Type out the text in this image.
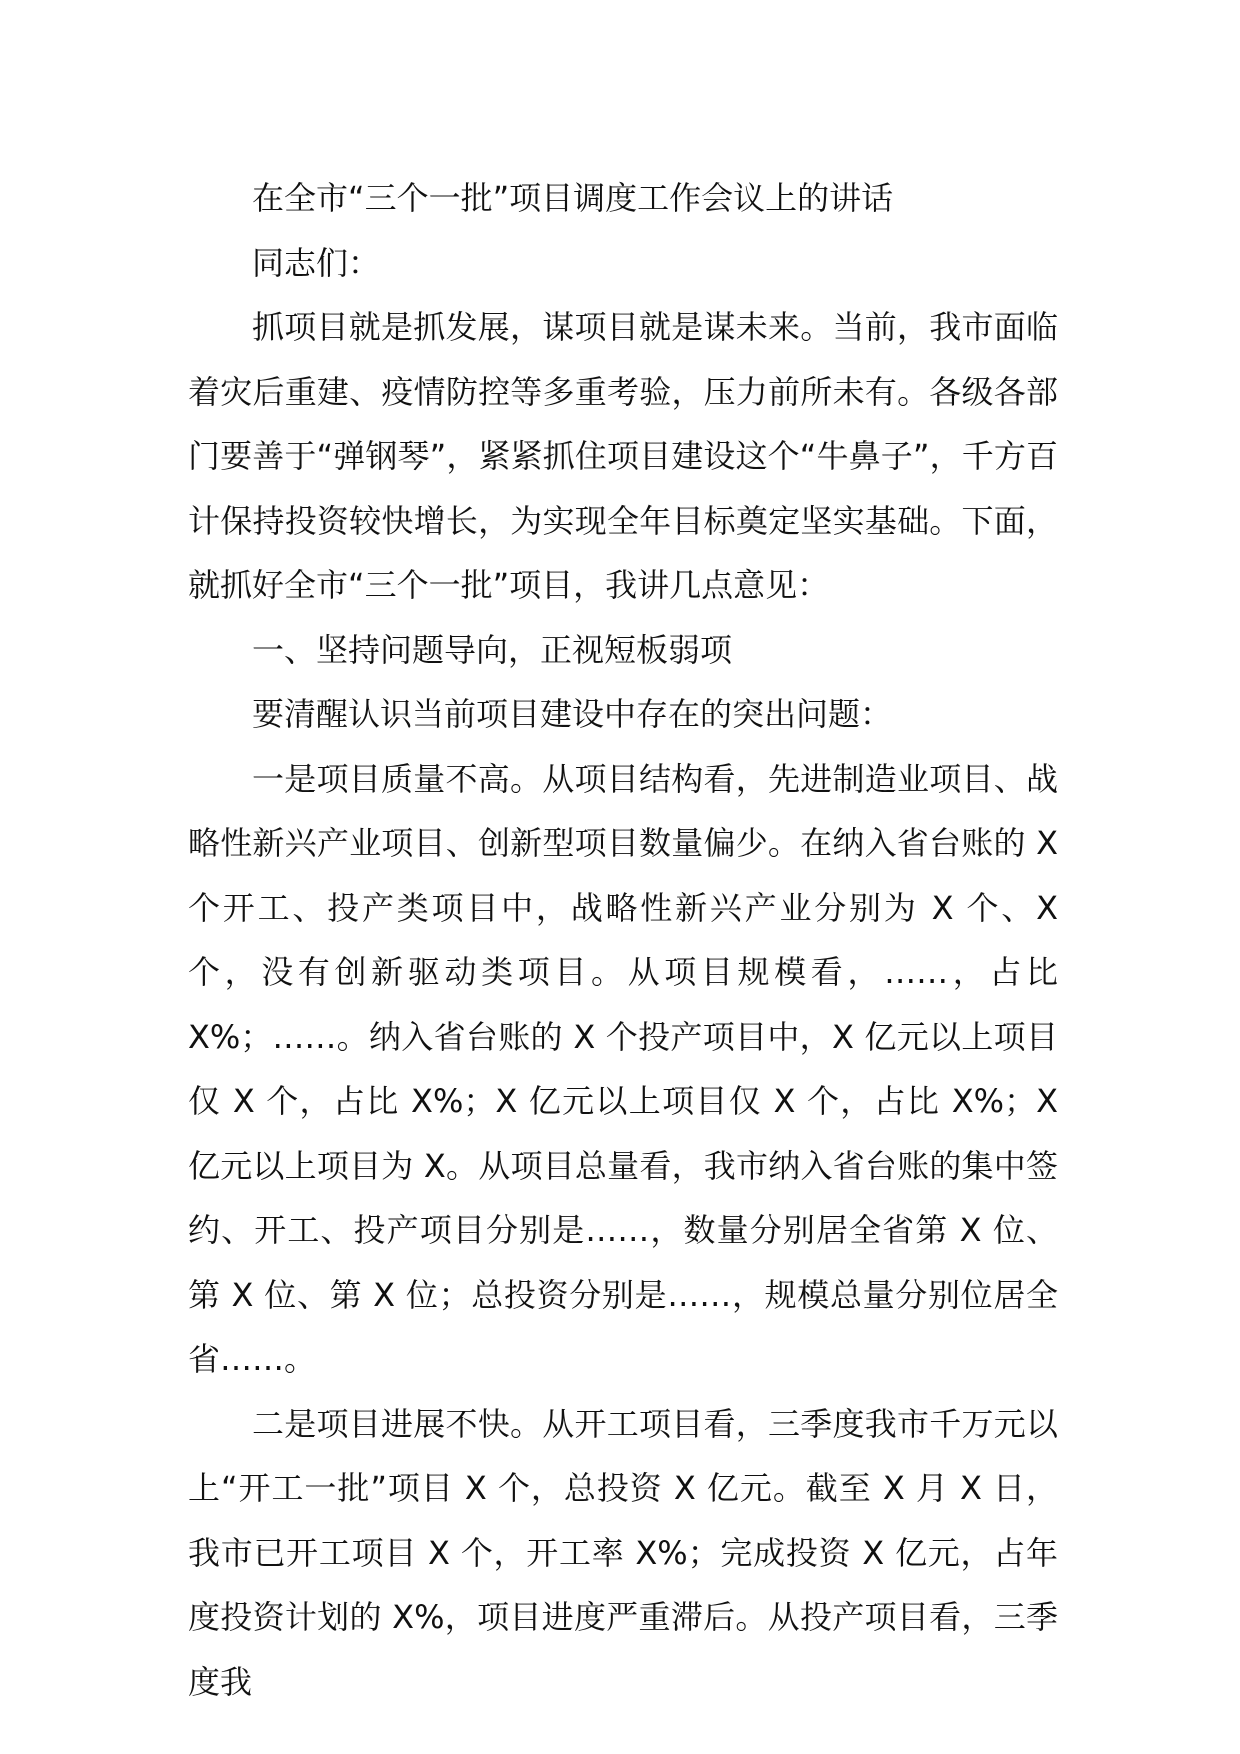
在全市“三个一批”项目调度工作会议上的讲话

同志们：

抓项目就是抓发展，谋项目就是谋未来。当前，我市面临着灾后重建、疫情防控等多重考验，压力前所未有。各级各部门要善于“弹钢琴”，紧紧抓住项目建设这个“牛鼻子”，千方百计保持投资较快增长，为实现全年目标奠定坚实基础。下面，就抓好全市“三个一批”项目，我讲几点意见：

一、坚持问题导向，正视短板弱项

要清醒认识当前项目建设中存在的突出问题：

一是项目质量不高。从项目结构看，先进制造业项目、战略性新兴产业项目、创新型项目数量偏少。在纳入省台账的 X 个开工、投产类项目中，战略性新兴产业分别为 X 个、X 个，没有创新驱动类项目。从项目规模看，……，占比 X%；……。纳入省台账的 X 个投产项目中，X 亿元以上项目仅 X 个，占比 X%；X 亿元以上项目仅 X 个，占比 X%；X 亿元以上项目为 X。从项目总量看，我市纳入省台账的集中签约、开工、投产项目分别是……，数量分别居全省第 X 位、第 X 位、第 X 位；总投资分别是……，规模总量分别位居全省……。

二是项目进展不快。从开工项目看，三季度我市千万元以上“开工一批”项目 X 个，总投资 X 亿元。截至 X 月 X 日，我市已开工项目 X 个，开工率 X%；完成投资 X 亿元，占年度投资计划的 X%，项目进度严重滞后。从投产项目看，三季度我
